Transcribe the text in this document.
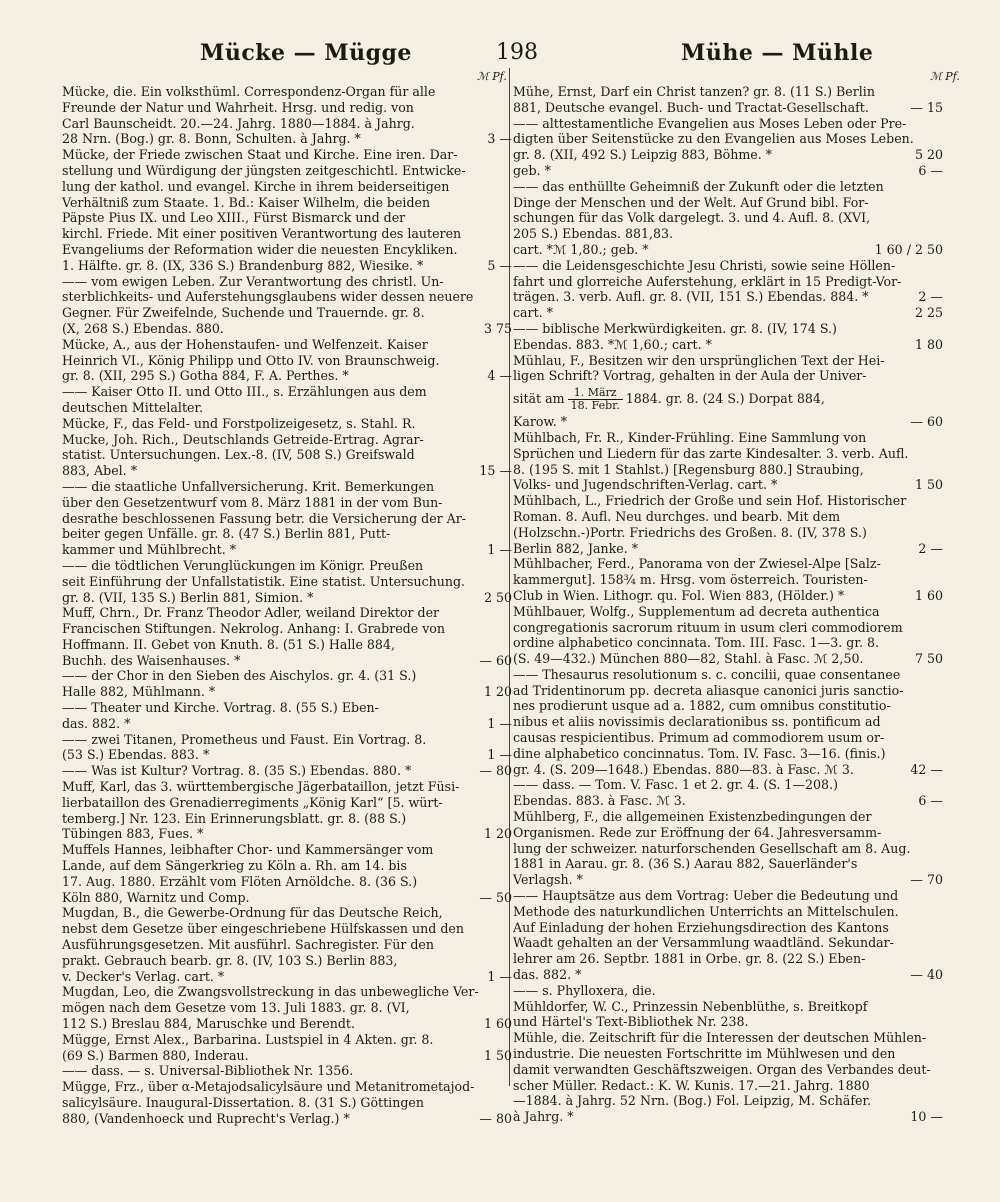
Mücke — Mügge	198	Mühe — Mühle
ℳ Pf.	ℳ Pf.
Mücke, die. Ein volksthüml. Correspondenz-Organ für alle
Freunde der Natur und Wahrheit. Hrsg. und redig. von
Carl Baunscheidt. 20.—24. Jahrg. 1880—1884. à Jahrg.
28 Nrn. (Bog.) gr. 8. Bonn, Schulten. à Jahrg. *	3 —
Mücke, der Friede zwischen Staat und Kirche. Eine iren. Dar-
stellung und Würdigung der jüngsten zeitgeschichtl. Entwicke-
lung der kathol. und evangel. Kirche in ihrem beiderseitigen
Verhältniß zum Staate. 1. Bd.: Kaiser Wilhelm, die beiden
Päpste Pius IX. und Leo XIII., Fürst Bismarck und der
kirchl. Friede. Mit einer positiven Verantwortung des lauteren
Evangeliums der Reformation wider die neuesten Encykliken.
1. Hälfte. gr. 8. (IX, 336 S.) Brandenburg 882, Wiesike. *	5 —
—— vom ewigen Leben. Zur Verantwortung des christl. Un-
sterblichkeits- und Auferstehungsglaubens wider dessen neuere
Gegner. Für Zweifelnde, Suchende und Trauernde. gr. 8.
(X, 268 S.) Ebendas. 880.	3 75
Mücke, A., aus der Hohenstaufen- und Welfenzeit. Kaiser
Heinrich VI., König Philipp und Otto IV. von Braunschweig.
gr. 8. (XII, 295 S.) Gotha 884, F. A. Perthes. *	4 —
—— Kaiser Otto II. und Otto III., s. Erzählungen aus dem
deutschen Mittelalter.
Mücke, F., das Feld- und Forstpolizeigesetz, s. Stahl. R.
Mucke, Joh. Rich., Deutschlands Getreide-Ertrag. Agrar-
statist. Untersuchungen. Lex.-8. (IV, 508 S.) Greifswald
883, Abel. *	15 —
—— die staatliche Unfallversicherung. Krit. Bemerkungen
über den Gesetzentwurf vom 8. März 1881 in der vom Bun-
desrathe beschlossenen Fassung betr. die Versicherung der Ar-
beiter gegen Unfälle. gr. 8. (47 S.) Berlin 881, Putt-
kammer und Mühlbrecht. *	1 —
—— die tödtlichen Verunglückungen im Königr. Preußen
seit Einführung der Unfallstatistik. Eine statist. Untersuchung.
gr. 8. (VII, 135 S.) Berlin 881, Simion. *	2 50
Muff, Chrn., Dr. Franz Theodor Adler, weiland Direktor der
Francischen Stiftungen. Nekrolog. Anhang: I. Grabrede von
Hoffmann. II. Gebet von Knuth. 8. (51 S.) Halle 884,
Buchh. des Waisenhauses. *	— 60
—— der Chor in den Sieben des Aischylos. gr. 4. (31 S.)
Halle 882, Mühlmann. *	1 20
—— Theater und Kirche. Vortrag. 8. (55 S.) Eben-
das. 882. *	1 —
—— zwei Titanen, Prometheus und Faust. Ein Vortrag. 8.
(53 S.) Ebendas. 883. *	1 —
—— Was ist Kultur? Vortrag. 8. (35 S.) Ebendas. 880. *	— 80
Muff, Karl, das 3. württembergische Jägerbataillon, jetzt Füsi-
lierbataillon des Grenadierregiments „König Karl“ [5. würt-
temberg.] Nr. 123. Ein Erinnerungsblatt. gr. 8. (88 S.)
Tübingen 883, Fues. *	1 20
Muffels Hannes, leibhafter Chor- und Kammersänger vom
Lande, auf dem Sängerkrieg zu Köln a. Rh. am 14. bis
17. Aug. 1880. Erzählt vom Flöten Arnöldche. 8. (36 S.)
Köln 880, Warnitz und Comp.	— 50
Mugdan, B., die Gewerbe-Ordnung für das Deutsche Reich,
nebst dem Gesetze über eingeschriebene Hülfskassen und den
Ausführungsgesetzen. Mit ausführl. Sachregister. Für den
prakt. Gebrauch bearb. gr. 8. (IV, 103 S.) Berlin 883,
v. Decker's Verlag. cart. *	1 —
Mugdan, Leo, die Zwangsvollstreckung in das unbewegliche Ver-
mögen nach dem Gesetze vom 13. Juli 1883. gr. 8. (VI,
112 S.) Breslau 884, Maruschke und Berendt.	1 60
Mügge, Ernst Alex., Barbarina. Lustspiel in 4 Akten. gr. 8.
(69 S.) Barmen 880, Inderau.	1 50
—— dass. — s. Universal-Bibliothek Nr. 1356.
Mügge, Frz., über α-Metajodsalicylsäure und Metanitrometajod-
salicylsäure. Inaugural-Dissertation. 8. (31 S.) Göttingen
880, (Vandenhoeck und Ruprecht's Verlag.) *	— 80
Mühe, Ernst, Darf ein Christ tanzen? gr. 8. (11 S.) Berlin
881, Deutsche evangel. Buch- und Tractat-Gesellschaft.	— 15
—— alttestamentliche Evangelien aus Moses Leben oder Pre-
digten über Seitenstücke zu den Evangelien aus Moses Leben.
gr. 8. (XII, 492 S.) Leipzig 883, Böhme. *	5 20
geb. *	6 —
—— das enthüllte Geheimniß der Zukunft oder die letzten
Dinge der Menschen und der Welt. Auf Grund bibl. For-
schungen für das Volk dargelegt. 3. und 4. Aufl. 8. (XVI,
205 S.) Ebendas. 881,83.
cart. *ℳ 1,80.; geb. *	1 60 / 2 50
—— die Leidensgeschichte Jesu Christi, sowie seine Höllen-
fahrt und glorreiche Auferstehung, erklärt in 15 Predigt-Vor-
trägen. 3. verb. Aufl. gr. 8. (VII, 151 S.) Ebendas. 884. *	2 —
cart. *	2 25
—— biblische Merkwürdigkeiten. gr. 8. (IV, 174 S.)
Ebendas. 883. *ℳ 1,60.; cart. *	1 80
Mühlau, F., Besitzen wir den ursprünglichen Text der Hei-
ligen Schrift? Vortrag, gehalten in der Aula der Univer-
sität am $\frac{\text{1. März}}{\text{18. Febr.}} 1884$. gr. 8. (24 S.) Dorpat 884,
Karow. *	— 60
Mühlbach, Fr. R., Kinder-Frühling. Eine Sammlung von
Sprüchen und Liedern für das zarte Kindesalter. 3. verb. Aufl.
8. (195 S. mit 1 Stahlst.) [Regensburg 880.] Straubing,
Volks- und Jugendschriften-Verlag. cart. *	1 50
Mühlbach, L., Friedrich der Große und sein Hof. Historischer
Roman. 8. Aufl. Neu durchges. und bearb. Mit dem
(Holzschn.-)Portr. Friedrichs des Großen. 8. (IV, 378 S.)
Berlin 882, Janke. *	2 —
Mühlbacher, Ferd., Panorama von der Zwiesel-Alpe [Salz-
kammergut]. 158¾ m. Hrsg. vom österreich. Touristen-
Club in Wien. Lithogr. qu. Fol. Wien 883, (Hölder.) *	1 60
Mühlbauer, Wolfg., Supplementum ad decreta authentica
congregationis sacrorum rituum in usum cleri commodiorem
ordine alphabetico concinnata. Tom. III. Fasc. 1—3. gr. 8.
(S. 49—432.) München 880—82, Stahl. à Fasc. ℳ 2,50.	7 50
—— Thesaurus resolutionum s. c. concilii, quae consentanee
ad Tridentinorum pp. decreta aliasque canonici juris sanctio-
nes prodierunt usque ad a. 1882, cum omnibus constitutio-
nibus et aliis novissimis declarationibus ss. pontificum ad
causas respicientibus. Primum ad commodiorem usum or-
dine alphabetico concinnatus. Tom. IV. Fasc. 3—16. (finis.)
gr. 4. (S. 209—1648.) Ebendas. 880—83. à Fasc. ℳ 3.	42 —
—— dass. — Tom. V. Fasc. 1 et 2. gr. 4. (S. 1—208.)
Ebendas. 883. à Fasc. ℳ 3.	6 —
Mühlberg, F., die allgemeinen Existenzbedingungen der
Organismen. Rede zur Eröffnung der 64. Jahresversamm-
lung der schweizer. naturforschenden Gesellschaft am 8. Aug.
1881 in Aarau. gr. 8. (36 S.) Aarau 882, Sauerländer's
Verlagsh. *	— 70
—— Hauptsätze aus dem Vortrag: Ueber die Bedeutung und
Methode des naturkundlichen Unterrichts an Mittelschulen.
Auf Einladung der hohen Erziehungsdirection des Kantons
Waadt gehalten an der Versammlung waadtländ. Sekundar-
lehrer am 26. Septbr. 1881 in Orbe. gr. 8. (22 S.) Eben-
das. 882. *	— 40
—— s. Phylloxera, die.
Mühldorfer, W. C., Prinzessin Nebenblüthe, s. Breitkopf
und Härtel's Text-Bibliothek Nr. 238.
Mühle, die. Zeitschrift für die Interessen der deutschen Mühlen-
industrie. Die neuesten Fortschritte im Mühlwesen und den
damit verwandten Geschäftszweigen. Organ des Verbandes deut-
scher Müller. Redact.: K. W. Kunis. 17.—21. Jahrg. 1880
—1884. à Jahrg. 52 Nrn. (Bog.) Fol. Leipzig, M. Schäfer.
à Jahrg. *	10 —
